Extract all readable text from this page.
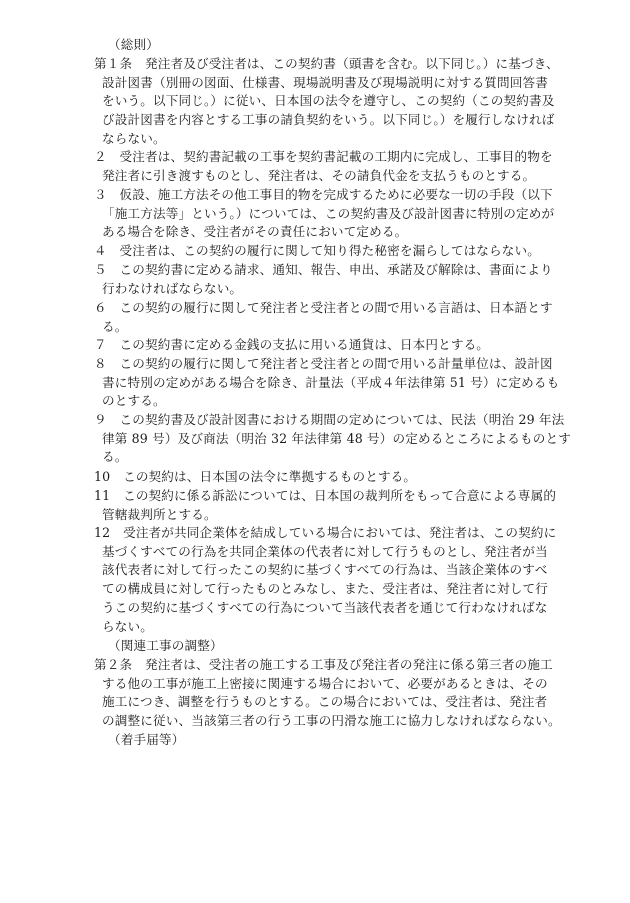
（総則）
第１条　発注者及び受注者は、この契約書（頭書を含む。以下同じ。）に基づき、
設計図書（別冊の図面、仕様書、現場説明書及び現場説明に対する質問回答書
をいう。以下同じ。）に従い、日本国の法令を遵守し、この契約（この契約書及
び設計図書を内容とする工事の請負契約をいう。以下同じ。）を履行しなければ
ならない。
２　受注者は、契約書記載の工事を契約書記載の工期内に完成し、工事目的物を
発注者に引き渡すものとし、発注者は、その請負代金を支払うものとする。
３　仮設、施工方法その他工事目的物を完成するために必要な一切の手段（以下
「施工方法等」という。）については、この契約書及び設計図書に特別の定めが
ある場合を除き、受注者がその責任において定める。
４　受注者は、この契約の履行に関して知り得た秘密を漏らしてはならない。
５　この契約書に定める請求、通知、報告、申出、承諾及び解除は、書面により
行わなければならない。
６　この契約の履行に関して発注者と受注者との間で用いる言語は、日本語とす
る。
７　この契約書に定める金銭の支払に用いる通貨は、日本円とする。
８　この契約の履行に関して発注者と受注者との間で用いる計量単位は、設計図
書に特別の定めがある場合を除き、計量法（平成４年法律第 51 号）に定めるも
のとする。
９　この契約書及び設計図書における期間の定めについては、民法（明治 29 年法
律第 89 号）及び商法（明治 32 年法律第 48 号）の定めるところによるものとす
る。
10　この契約は、日本国の法令に準拠するものとする。
11　この契約に係る訴訟については、日本国の裁判所をもって合意による専属的
管轄裁判所とする。
12　受注者が共同企業体を結成している場合においては、発注者は、この契約に
基づくすべての行為を共同企業体の代表者に対して行うものとし、発注者が当
該代表者に対して行ったこの契約に基づくすべての行為は、当該企業体のすべ
ての構成員に対して行ったものとみなし、また、受注者は、発注者に対して行
うこの契約に基づくすべての行為について当該代表者を通じて行わなければな
らない。
（関連工事の調整）
第２条　発注者は、受注者の施工する工事及び発注者の発注に係る第三者の施工
する他の工事が施工上密接に関連する場合において、必要があるときは、その
施工につき、調整を行うものとする。この場合においては、受注者は、発注者
の調整に従い、当該第三者の行う工事の円滑な施工に協力しなければならない。
（着手届等）
